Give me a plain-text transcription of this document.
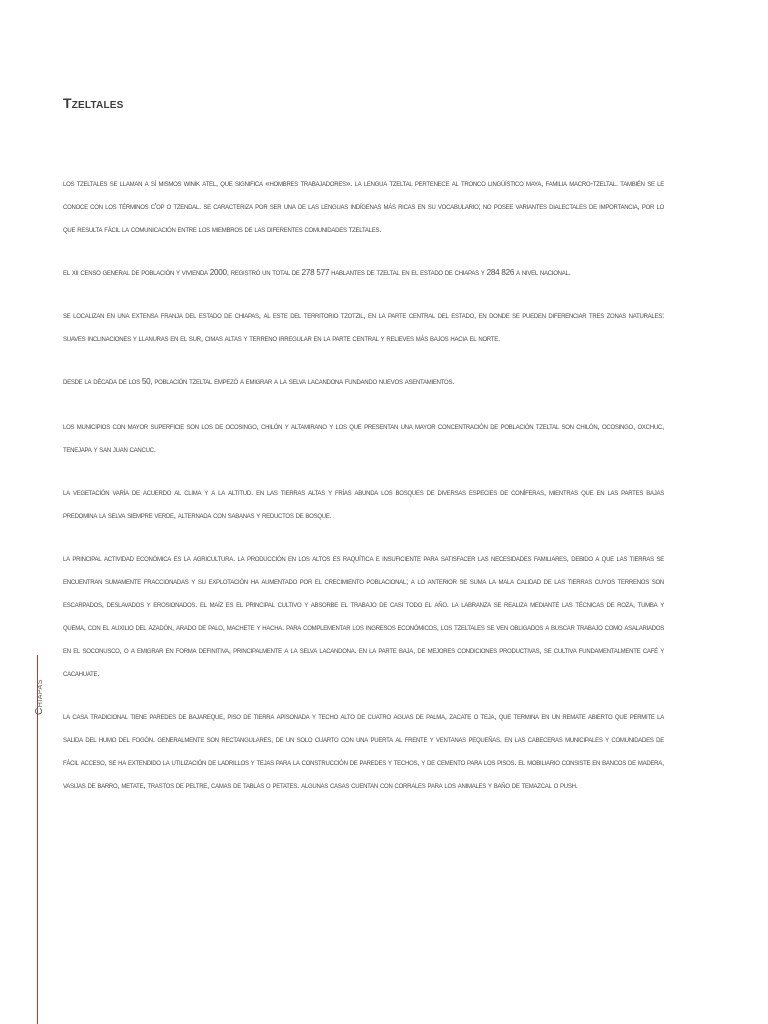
Tzeltales

los tzeltales se llaman a sí mismos winik atel, que significa «hombres trabajadores». la lengua tzeltal pertenece al tronco lingüístico maya, familia macro-tzeltal. también se le conoce con los términos c'op o tzendal. se caracteriza por ser una de las lenguas indígenas más ricas en su vocabulario; no posee variantes dialectales de importancia, por lo que resulta fácil la comunicación entre los miembros de las diferentes comunidades tzeltales.

el xii censo general de población y vivienda 2000, registró un total de 278 577 hablantes de tzeltal en el estado de chiapas y 284 826 a nivel nacional.

se localizan en una extensa franja del estado de chiapas, al este del territorio tzotzil, en la parte central del estado, en donde se pueden diferenciar tres zonas naturales: suaves inclinaciones y llanuras en el sur, cimas altas y terreno irregular en la parte central y relieves más bajos hacia el norte.

desde la década de los 50, población tzeltal empezó a emigrar a la selva lacandona fundando nuevos asentamientos.

los municipios con mayor superficie son los de ocosingo, chilón y altamirano y los que presentan una mayor concentración de población tzeltal son chilón, ocosingo, oxchuc, tenejapa y san juan cancuc.

la vegetación varía de acuerdo al clima y a la altitud. en las tierras altas y frías abunda los bosques de diversas especies de coníferas, mientras que en las partes bajas predomina la selva siempre verde, alternada con sabanas y reductos de bosque.

la principal actividad económica es la agricultura. la producción en los altos es raquítica e insuficiente para satisfacer las necesidades familiares, debido a que las tierras se encuentran sumamente fraccionadas y su explotación ha aumentado por el crecimiento poblacional; a lo anterior se suma la mala calidad de las tierras cuyos terrenos son escarpados, deslavados y erosionados. el maíz es el principal cultivo y absorbe el trabajo de casi todo el año. la labranza se realiza mediante las técnicas de roza, tumba y quema, con el auxilio del azadón, arado de palo, machete y hacha. para complementar los ingresos económicos, los tzeltales se ven obligados a buscar trabajo como asalariados en el soconusco, o a emigrar en forma definitiva, principalmente a la selva lacandona. en la parte baja, de mejores condiciones productivas, se cultiva fundamentalmente café y cacahuate.

la casa tradicional tiene paredes de bajareque, piso de tierra apisonada y techo alto de cuatro aguas de palma, zacate o teja, que termina en un remate abierto que permite la salida del humo del fogón. generalmente son rectangulares, de un solo cuarto con una puerta al frente y ventanas pequeñas. en las cabeceras municipales y comunidades de fácil acceso, se ha extendido la utilización de ladrillos y tejas para la construcción de paredes y techos, y de cemento para los pisos. el mobiliario consiste en bancos de madera, vasijas de barro, metate, trastos de peltre, camas de tablas o petates. algunas casas cuentan con corrales para los animales y baño de temazcal o push.

Chiapas
